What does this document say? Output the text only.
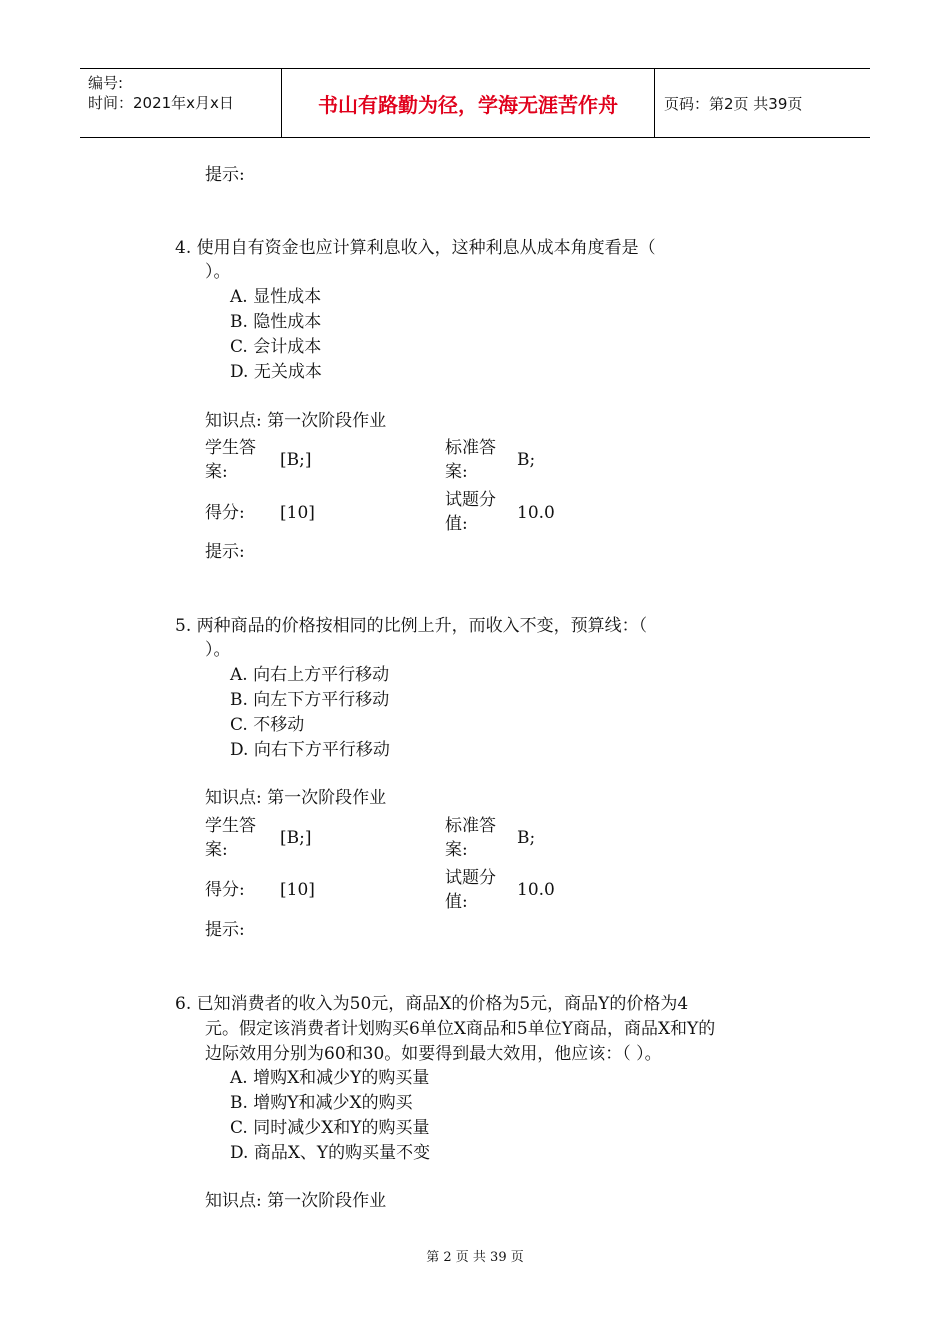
编号:
时间：2021年x月x日	书山有路勤为径，学海无涯苦作舟	页码：第2页 共39页
提示:
4. 使用自有资金也应计算利息收入，这种利息从成本角度看是（
）。
A. 显性成本
B. 隐性成本
C. 会计成本
D. 无关成本
知识点: 第一次阶段作业
学生答
案:
[B;]
标准答
案:
B;
得分: [10]
试题分
值:
10.0
提示:
5. 两种商品的价格按相同的比例上升，而收入不变，预算线：（
）。
A. 向右上方平行移动
B. 向左下方平行移动
C. 不移动
D. 向右下方平行移动
知识点: 第一次阶段作业
学生答
案:
[B;]
标准答
案:
B;
得分: [10]
试题分
值:
10.0
提示:
6. 已知消费者的收入为50元，商品X的价格为5元，商品Y的价格为4
元。假定该消费者计划购买6单位X商品和5单位Y商品，商品X和Y的
边际效用分别为60和30。如要得到最大效用，他应该：（ ）。
A. 增购X和减少Y的购买量
B. 增购Y和减少X的购买
C. 同时减少X和Y的购买量
D. 商品X、Y的购买量不变
知识点: 第一次阶段作业
第 2 页 共 39 页
